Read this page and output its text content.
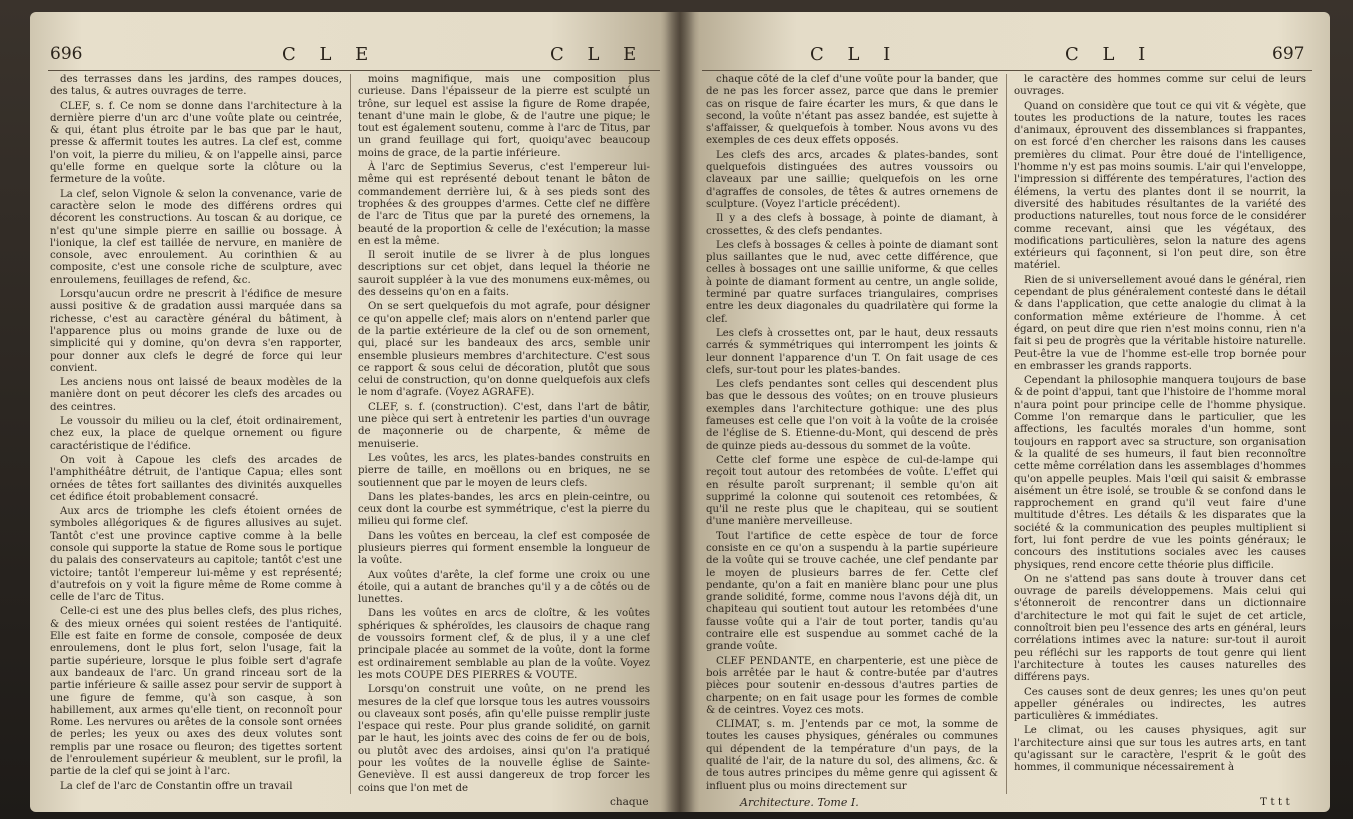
696	C L E	C L E

des terrasses dans les jardins, des rampes douces, des talus, & autres ouvrages de terre.

CLEF, s. f. Ce nom se donne dans l'architecture à la dernière pierre d'un arc d'une voûte plate ou ceintrée, & qui, étant plus étroite par le bas que par le haut, presse & affermit toutes les autres. La clef est, comme l'on voit, la pierre du milieu, & on l'appelle ainsi, parce qu'elle forme en quelque sorte la clôture ou la fermeture de la voûte.

La clef, selon Vignole & selon la convenance, varie de caractère selon le mode des différens ordres qui décorent les constructions. Au toscan & au dorique, ce n'est qu'une simple pierre en saillie ou bossage. À l'ionique, la clef est taillée de nervure, en manière de console, avec enroulement. Au corinthien & au composite, c'est une console riche de sculpture, avec enroulemens, feuillages de refend, &c.

Lorsqu'aucun ordre ne prescrit à l'édifice de mesure aussi positive & de gradation aussi marquée dans sa richesse, c'est au caractère général du bâtiment, à l'apparence plus ou moins grande de luxe ou de simplicité qui y domine, qu'on devra s'en rapporter, pour donner aux clefs le degré de force qui leur convient.

Les anciens nous ont laissé de beaux modèles de la manière dont on peut décorer les clefs des arcades ou des ceintres.

Le voussoir du milieu ou la clef, étoit ordinairement, chez eux, la place de quelque ornement ou figure caractéristique de l'édifice.

On voit à Capoue les clefs des arcades de l'amphithéâtre détruit, de l'antique Capua; elles sont ornées de têtes fort saillantes des divinités auxquelles cet édifice étoit probablement consacré.

Aux arcs de triomphe les clefs étoient ornées de symboles allégoriques & de figures allusives au sujet. Tantôt c'est une province captive comme à la belle console qui supporte la statue de Rome sous le portique du palais des conservateurs au capitole; tantôt c'est une victoire; tantôt l'empereur lui-même y est représenté; d'autrefois on y voit la figure même de Rome comme à celle de l'arc de Titus.

Celle-ci est une des plus belles clefs, des plus riches, & des mieux ornées qui soient restées de l'antiquité. Elle est faite en forme de console, composée de deux enroulemens, dont le plus fort, selon l'usage, fait la partie supérieure, lorsque le plus foible sert d'agrafe aux bandeaux de l'arc. Un grand rinceau sort de la partie inférieure & saille assez pour servir de support à une figure de femme, qu'à son casque, à son habillement, aux armes qu'elle tient, on reconnoît pour Rome. Les nervures ou arêtes de la console sont ornées de perles; les yeux ou axes des deux volutes sont remplis par une rosace ou fleuron; des tigettes sortent de l'enroulement supérieur & meublent, sur le profil, la partie de la clef qui se joint à l'arc.

La clef de l'arc de Constantin offre un travail

moins magnifique, mais une composition plus curieuse. Dans l'épaisseur de la pierre est sculpté un trône, sur lequel est assise la figure de Rome drapée, tenant d'une main le globe, & de l'autre une pique; le tout est également soutenu, comme à l'arc de Titus, par un grand feuillage qui fort, quoiqu'avec beaucoup moins de grace, de la partie inférieure.

À l'arc de Septimius Severus, c'est l'empereur lui-même qui est représenté debout tenant le bâton de commandement derrière lui, & à ses pieds sont des trophées & des grouppes d'armes. Cette clef ne diffère de l'arc de Titus que par la pureté des ornemens, la beauté de la proportion & celle de l'exécution; la masse en est la même.

Il seroit inutile de se livrer à de plus longues descriptions sur cet objet, dans lequel la théorie ne sauroit suppléer à la vue des monumens eux-mêmes, ou des desseins qu'on en a faits.

On se sert quelquefois du mot agrafe, pour désigner ce qu'on appelle clef; mais alors on n'entend parler que de la partie extérieure de la clef ou de son ornement, qui, placé sur les bandeaux des arcs, semble unir ensemble plusieurs membres d'architecture. C'est sous ce rapport & sous celui de décoration, plutôt que sous celui de construction, qu'on donne quelquefois aux clefs le nom d'agrafe. (Voyez AGRAFE).

CLEF, s. f. (construction). C'est, dans l'art de bâtir, une pièce qui sert à entretenir les parties d'un ouvrage de maçonnerie ou de charpente, & même de menuiserie.

Les voûtes, les arcs, les plates-bandes construits en pierre de taille, en moëllons ou en briques, ne se soutiennent que par le moyen de leurs clefs.

Dans les plates-bandes, les arcs en plein-ceintre, ou ceux dont la courbe est symmétrique, c'est la pierre du milieu qui forme clef.

Dans les voûtes en berceau, la clef est composée de plusieurs pierres qui forment ensemble la longueur de la voûte.

Aux voûtes d'arête, la clef forme une croix ou une étoile, qui a autant de branches qu'il y a de côtés ou de lunettes.

Dans les voûtes en arcs de cloître, & les voûtes sphériques & sphéroïdes, les clausoirs de chaque rang de voussoirs forment clef, & de plus, il y a une clef principale placée au sommet de la voûte, dont la forme est ordinairement semblable au plan de la voûte. Voyez les mots COUPE DES PIERRES & VOUTE.

Lorsqu'on construit une voûte, on ne prend les mesures de la clef que lorsque tous les autres voussoirs ou claveaux sont posés, afin qu'elle puisse remplir juste l'espace qui reste. Pour plus grande solidité, on garnit par le haut, les joints avec des coins de fer ou de bois, ou plutôt avec des ardoises, ainsi qu'on l'a pratiqué pour les voûtes de la nouvelle église de Sainte-Geneviève. Il est aussi dangereux de trop forcer les coins que l'on met de

chaque
C L I	C L I	697

chaque côté de la clef d'une voûte pour la bander, que de ne pas les forcer assez, parce que dans le premier cas on risque de faire écarter les murs, & que dans le second, la voûte n'étant pas assez bandée, est sujette à s'affaisser, & quelquefois à tomber. Nous avons vu des exemples de ces deux effets opposés.

Les clefs des arcs, arcades & plates-bandes, sont quelquefois distinguées des autres voussoirs ou claveaux par une saillie; quelquefois on les orne d'agraffes de consoles, de têtes & autres ornemens de sculpture. (Voyez l'article précédent).

Il y a des clefs à bossage, à pointe de diamant, à crossettes, & des clefs pendantes.

Les clefs à bossages & celles à pointe de diamant sont plus saillantes que le nud, avec cette différence, que celles à bossages ont une saillie uniforme, & que celles à pointe de diamant forment au centre, un angle solide, terminé par quatre surfaces triangulaires, comprises entre les deux diagonales du quadrilatère qui forme la clef.

Les clefs à crossettes ont, par le haut, deux ressauts carrés & symmétriques qui interrompent les joints & leur donnent l'apparence d'un T. On fait usage de ces clefs, sur-tout pour les plates-bandes.

Les clefs pendantes sont celles qui descendent plus bas que le dessous des voûtes; on en trouve plusieurs exemples dans l'architecture gothique: une des plus fameuses est celle que l'on voit à la voûte de la croisée de l'église de S. Etienne-du-Mont, qui descend de près de quinze pieds au-dessous du sommet de la voûte.

Cette clef forme une espèce de cul-de-lampe qui reçoit tout autour des retombées de voûte. L'effet qui en résulte paroît surprenant; il semble qu'on ait supprimé la colonne qui soutenoit ces retombées, & qu'il ne reste plus que le chapiteau, qui se soutient d'une manière merveilleuse.

Tout l'artifice de cette espèce de tour de force consiste en ce qu'on a suspendu à la partie supérieure de la voûte qui se trouve cachée, une clef pendante par le moyen de plusieurs barres de fer. Cette clef pendante, qu'on a fait en manière blanc pour une plus grande solidité, forme, comme nous l'avons déjà dit, un chapiteau qui soutient tout autour les retombées d'une fausse voûte qui a l'air de tout porter, tandis qu'au contraire elle est suspendue au sommet caché de la grande voûte.

CLEF PENDANTE, en charpenterie, est une pièce de bois arrêtée par le haut & contre-butée par d'autres pièces pour soutenir en-dessous d'autres parties de charpente; on en fait usage pour les formes de comble & de ceintres. Voyez ces mots.

CLIMAT, s. m. J'entends par ce mot, la somme de toutes les causes physiques, générales ou communes qui dépendent de la température d'un pays, de la qualité de l'air, de la nature du sol, des alimens, &c. & de tous autres principes du même genre qui agissent & influent plus ou moins directement sur

Architecture. Tome I.

le caractère des hommes comme sur celui de leurs ouvrages.

Quand on considère que tout ce qui vit & végète, que toutes les productions de la nature, toutes les races d'animaux, éprouvent des dissemblances si frappantes, on est forcé d'en chercher les raisons dans les causes premières du climat. Pour être doué de l'intelligence, l'homme n'y est pas moins soumis. L'air qui l'enveloppe, l'impression si différente des températures, l'action des élémens, la vertu des plantes dont il se nourrit, la diversité des habitudes résultantes de la variété des productions naturelles, tout nous force de le considérer comme recevant, ainsi que les végétaux, des modifications particulières, selon la nature des agens extérieurs qui façonnent, si l'on peut dire, son être matériel.

Rien de si universellement avoué dans le général, rien cependant de plus généralement contesté dans le détail & dans l'application, que cette analogie du climat à la conformation même extérieure de l'homme. À cet égard, on peut dire que rien n'est moins connu, rien n'a fait si peu de progrès que la véritable histoire naturelle. Peut-être la vue de l'homme est-elle trop bornée pour en embrasser les grands rapports.

Cependant la philosophie manquera toujours de base & de point d'appui, tant que l'histoire de l'homme moral n'aura point pour principe celle de l'homme physique. Comme l'on remarque dans le particulier, que les affections, les facultés morales d'un homme, sont toujours en rapport avec sa structure, son organisation & la qualité de ses humeurs, il faut bien reconnoître cette même corrélation dans les assemblages d'hommes qu'on appelle peuples. Mais l'œil qui saisit & embrasse aisément un être isolé, se trouble & se confond dans le rapprochement en grand qu'il veut faire d'une multitude d'êtres. Les détails & les disparates que la société & la communication des peuples multiplient si fort, lui font perdre de vue les points généraux; le concours des institutions sociales avec les causes physiques, rend encore cette théorie plus difficile.

On ne s'attend pas sans doute à trouver dans cet ouvrage de pareils développemens. Mais celui qui s'étonneroit de rencontrer dans un dictionnaire d'architecture le mot qui fait le sujet de cet article, connoîtroit bien peu l'essence des arts en général, leurs corrélations intimes avec la nature: sur-tout il auroit peu réfléchi sur les rapports de tout genre qui lient l'architecture à toutes les causes naturelles des différens pays.

Ces causes sont de deux genres; les unes qu'on peut appeller générales ou indirectes, les autres particulières & immédiates.

Le climat, ou les causes physiques, agit sur l'architecture ainsi que sur tous les autres arts, en tant qu'agissant sur le caractère, l'esprit & le goût des hommes, il communique nécessairement à

T t t t
